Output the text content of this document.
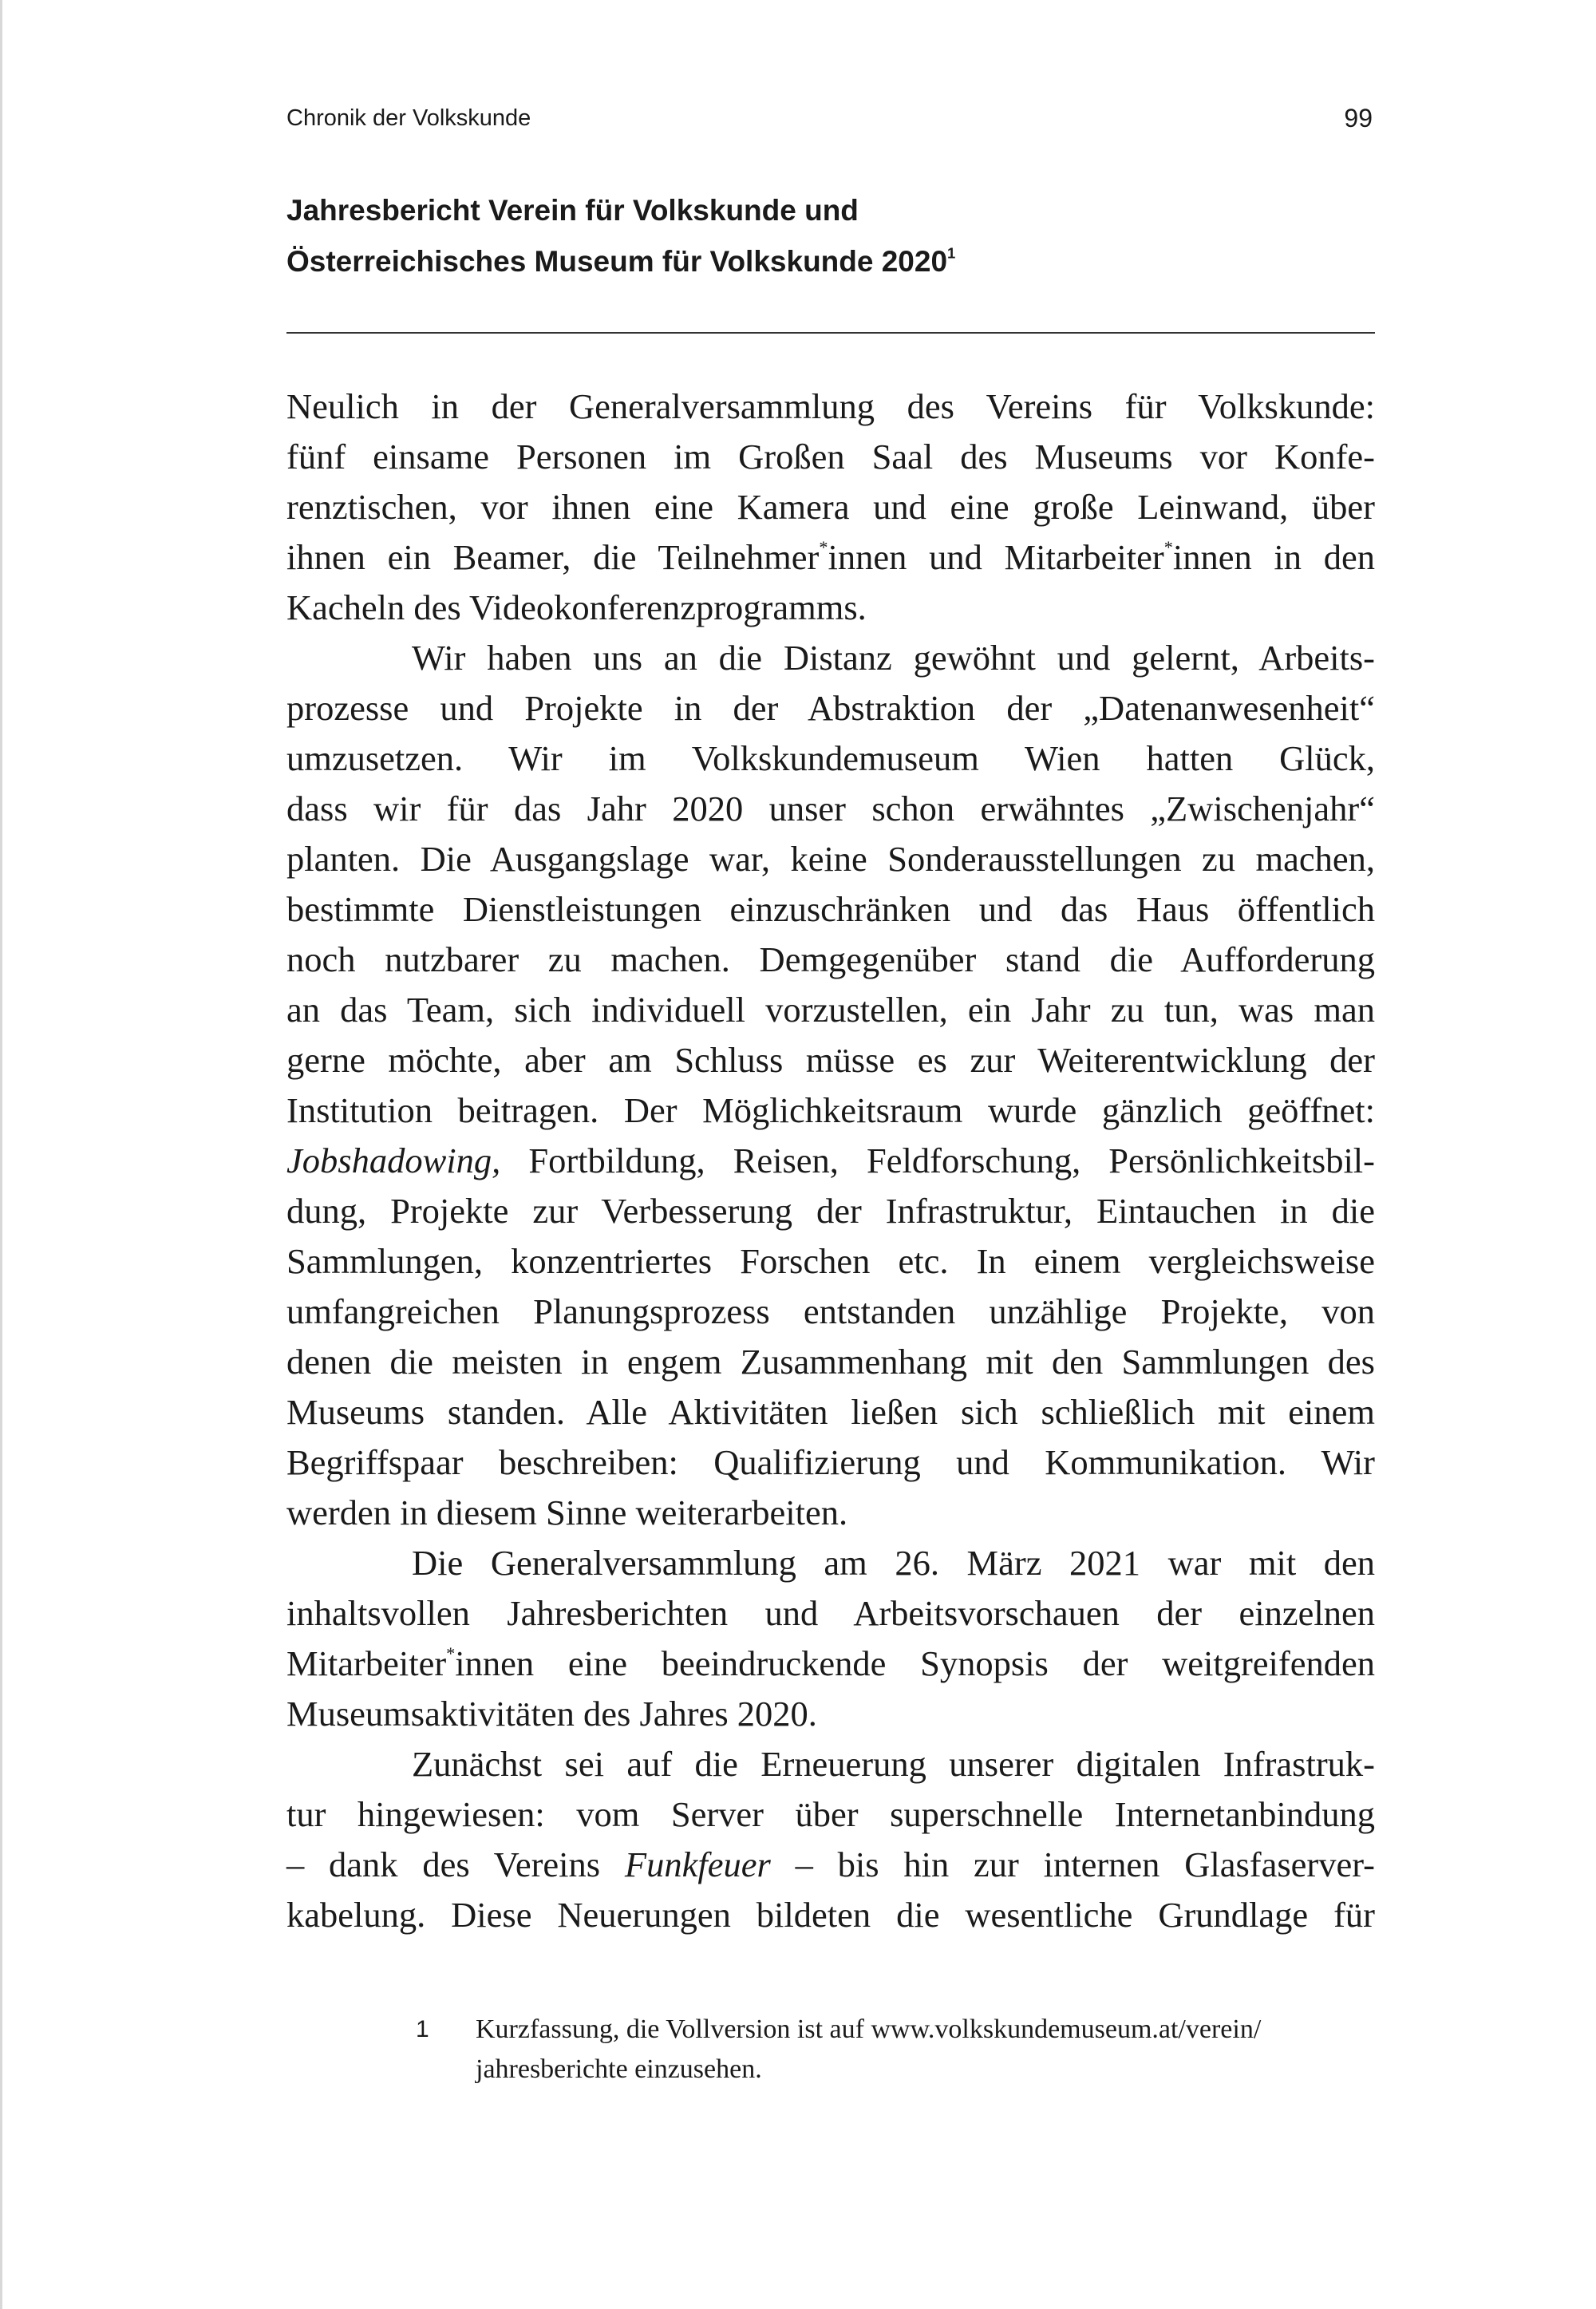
Chronik der Volkskunde	99
Jahresbericht Verein für Volkskunde und
Österreichisches Museum für Volkskunde 2020$^1$
Neulich in der Generalversammlung des Vereins für Volkskunde:
fünf einsame Personen im Großen Saal des Museums vor Konfe-
renztischen, vor ihnen eine Kamera und eine große Leinwand, über
ihnen ein Beamer, die Teilnehmer*innen und Mitarbeiter*innen in den
Kacheln des Videokonferenzprogramms.
Wir haben uns an die Distanz gewöhnt und gelernt, Arbeits-
prozesse und Projekte in der Abstraktion der „Datenanwesenheit“
umzusetzen. Wir im Volkskundemuseum Wien hatten Glück,
dass wir für das Jahr 2020 unser schon erwähntes „Zwischenjahr“
planten. Die Ausgangslage war, keine Sonderausstellungen zu machen,
bestimmte Dienstleistungen einzuschränken und das Haus öffentlich
noch nutzbarer zu machen. Demgegenüber stand die Aufforderung
an das Team, sich individuell vorzustellen, ein Jahr zu tun, was man
gerne möchte, aber am Schluss müsse es zur Weiterentwicklung der
Institution beitragen. Der Möglichkeitsraum wurde gänzlich geöffnet:
Jobshadowing, Fortbildung, Reisen, Feldforschung, Persönlichkeitsbil-
dung, Projekte zur Verbesserung der Infrastruktur, Eintauchen in die
Sammlungen, konzentriertes Forschen etc. In einem vergleichsweise
umfangreichen Planungsprozess entstanden unzählige Projekte, von
denen die meisten in engem Zusammenhang mit den Sammlungen des
Museums standen. Alle Aktivitäten ließen sich schließlich mit einem
Begriffspaar beschreiben: Qualifizierung und Kommunikation. Wir
werden in diesem Sinne weiterarbeiten.
Die Generalversammlung am 26. März 2021 war mit den
inhaltsvollen Jahresberichten und Arbeitsvorschauen der einzelnen
Mitarbeiter*innen eine beeindruckende Synopsis der weitgreifenden
Museumsaktivitäten des Jahres 2020.
Zunächst sei auf die Erneuerung unserer digitalen Infrastruk-
tur hingewiesen: vom Server über superschnelle Internetanbindung
– dank des Vereins Funkfeuer – bis hin zur internen Glasfaserver-
kabelung. Diese Neuerungen bildeten die wesentliche Grundlage für
1 Kurzfassung, die Vollversion ist auf www.volkskundemuseum.at/verein/
jahresberichte einzusehen.
